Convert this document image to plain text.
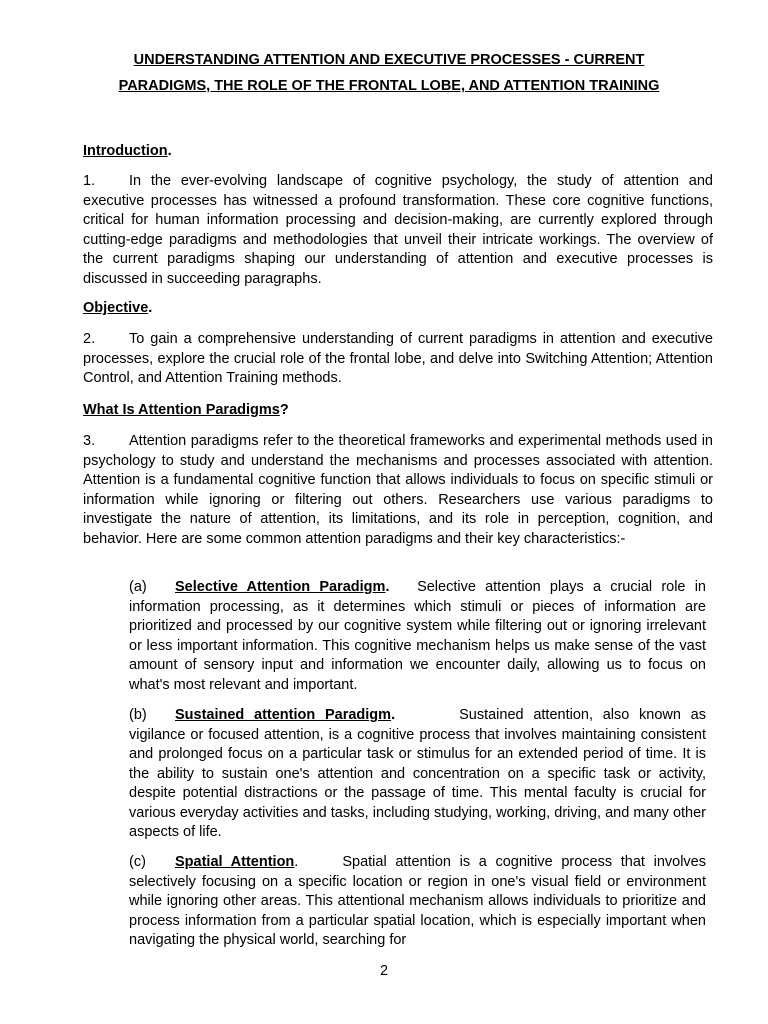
UNDERSTANDING ATTENTION AND EXECUTIVE PROCESSES - CURRENT
PARADIGMS, THE ROLE OF THE FRONTAL LOBE, AND ATTENTION TRAINING
Introduction.
1. In the ever-evolving landscape of cognitive psychology, the study of attention and executive processes has witnessed a profound transformation. These core cognitive functions, critical for human information processing and decision-making, are currently explored through cutting-edge paradigms and methodologies that unveil their intricate workings. The overview of the current paradigms shaping our understanding of attention and executive processes is discussed in succeeding paragraphs.
Objective.
2. To gain a comprehensive understanding of current paradigms in attention and executive processes, explore the crucial role of the frontal lobe, and delve into Switching Attention; Attention Control, and Attention Training methods.
What Is Attention Paradigms?
3. Attention paradigms refer to the theoretical frameworks and experimental methods used in psychology to study and understand the mechanisms and processes associated with attention. Attention is a fundamental cognitive function that allows individuals to focus on specific stimuli or information while ignoring or filtering out others. Researchers use various paradigms to investigate the nature of attention, its limitations, and its role in perception, cognition, and behavior. Here are some common attention paradigms and their key characteristics:-
(a) Selective Attention Paradigm. Selective attention plays a crucial role in information processing, as it determines which stimuli or pieces of information are prioritized and processed by our cognitive system while filtering out or ignoring irrelevant or less important information. This cognitive mechanism helps us make sense of the vast amount of sensory input and information we encounter daily, allowing us to focus on what's most relevant and important.
(b) Sustained attention Paradigm.	Sustained attention, also known as vigilance or focused attention, is a cognitive process that involves maintaining consistent and prolonged focus on a particular task or stimulus for an extended period of time. It is the ability to sustain one's attention and concentration on a specific task or activity, despite potential distractions or the passage of time. This mental faculty is crucial for various everyday activities and tasks, including studying, working, driving, and many other aspects of life.
(c) Spatial Attention.	Spatial attention is a cognitive process that involves selectively focusing on a specific location or region in one's visual field or environment while ignoring other areas. This attentional mechanism allows individuals to prioritize and process information from a particular spatial location, which is especially important when navigating the physical world, searching for
2
